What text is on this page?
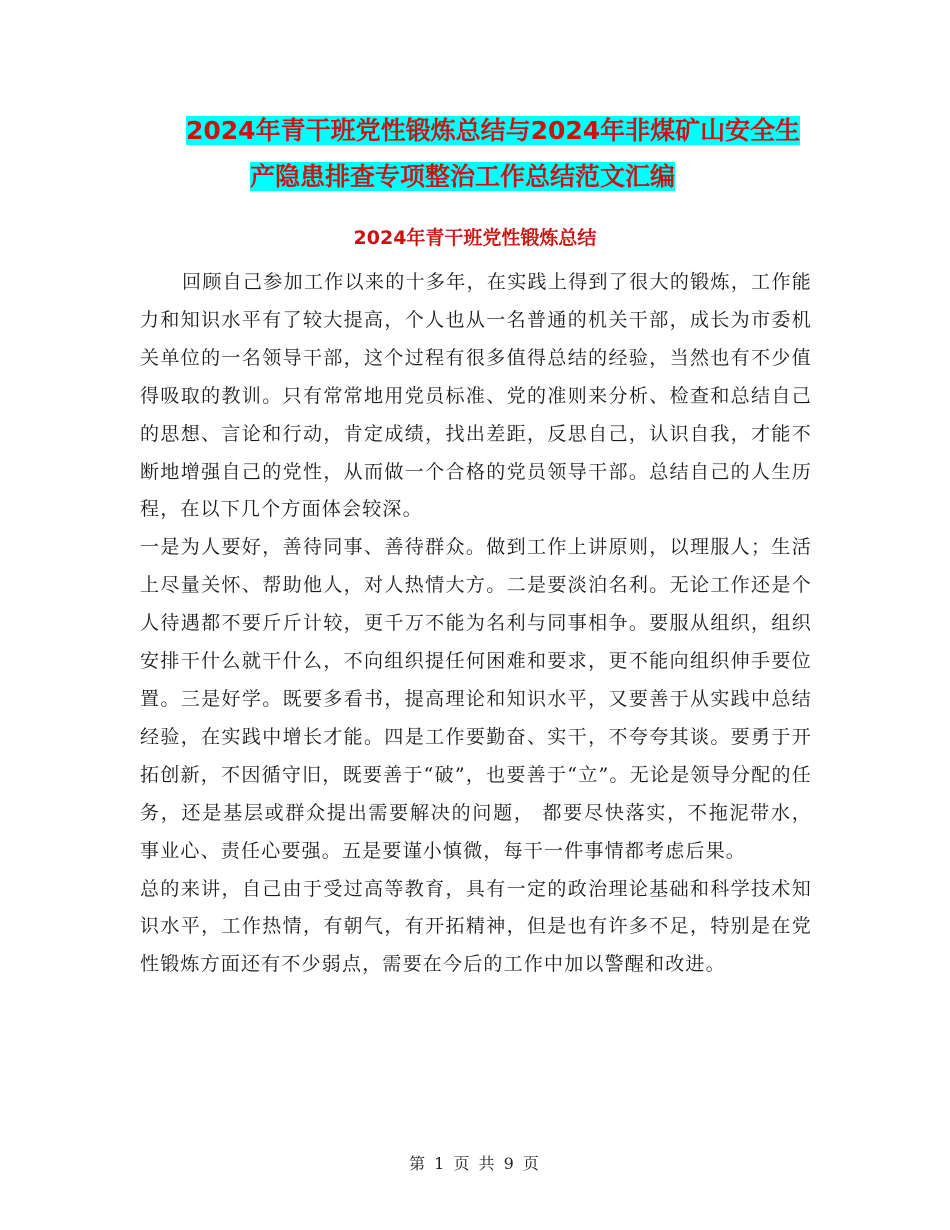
2024年青干班党性锻炼总结与2024年非煤矿山安全生
产隐患排查专项整治工作总结范文汇编
2024年青干班党性锻炼总结

回顾自己参加工作以来的十多年，在实践上得到了很大的锻炼，工作能力和知识水平有了较大提高，个人也从一名普通的机关干部，成长为市委机关单位的一名领导干部，这个过程有很多值得总结的经验，当然也有不少值得吸取的教训。只有常常地用党员标准、党的准则来分析、检查和总结自己的思想、言论和行动，肯定成绩，找出差距，反思自己，认识自我，才能不断地增强自己的党性，从而做一个合格的党员领导干部。总结自己的人生历程，在以下几个方面体会较深。

一是为人要好，善待同事、善待群众。做到工作上讲原则，以理服人；生活上尽量关怀、帮助他人，对人热情大方。二是要淡泊名利。无论工作还是个人待遇都不要斤斤计较，更千万不能为名利与同事相争。要服从组织，组织安排干什么就干什么，不向组织提任何困难和要求，更不能向组织伸手要位置。三是好学。既要多看书，提高理论和知识水平，又要善于从实践中总结经验，在实践中增长才能。四是工作要勤奋、实干，不夸夸其谈。要勇于开拓创新，不因循守旧，既要善于“破”，也要善于“立”。无论是领导分配的任务，还是基层或群众提出需要解决的问题， 都要尽快落实，不拖泥带水，事业心、责任心要强。五是要谨小慎微，每干一件事情都考虑后果。

总的来讲，自己由于受过高等教育，具有一定的政治理论基础和科学技术知识水平，工作热情，有朝气，有开拓精神，但是也有许多不足，特别是在党性锻炼方面还有不少弱点，需要在今后的工作中加以警醒和改进。

第 1 页 共 9 页
